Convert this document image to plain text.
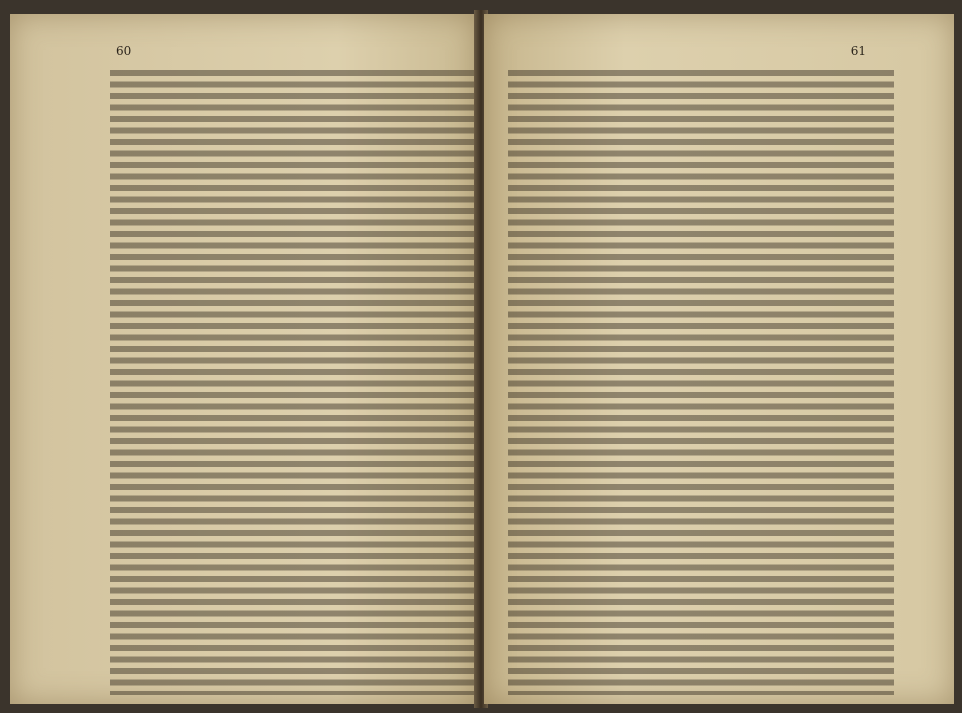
60	61
